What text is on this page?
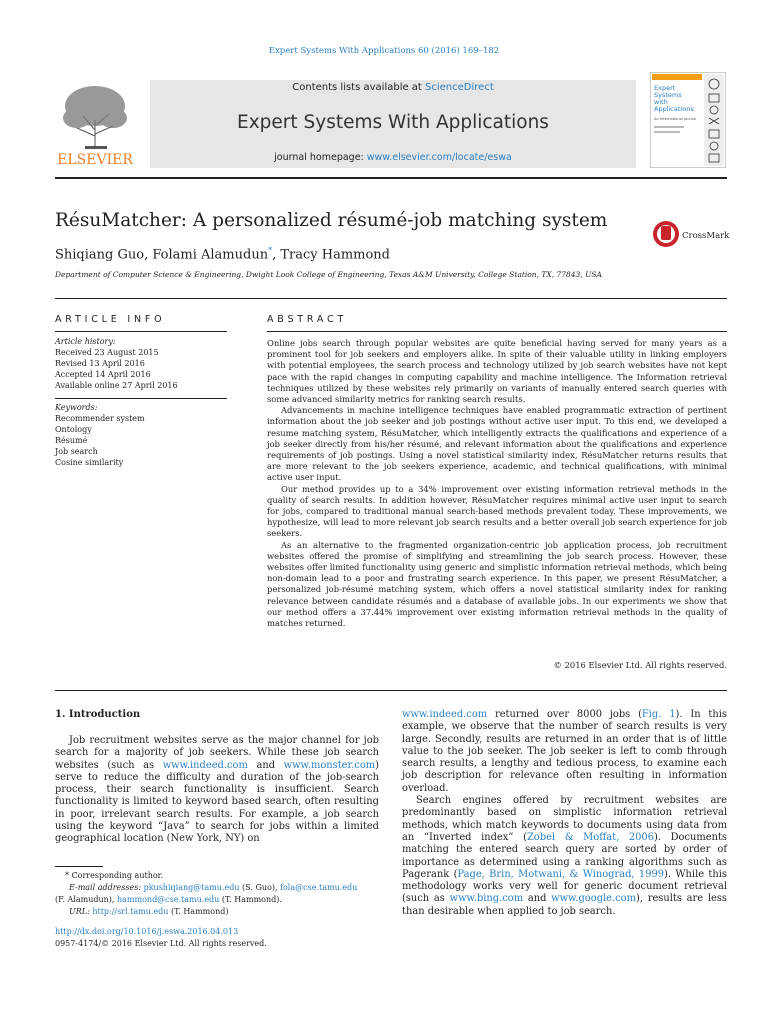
Expert Systems With Applications 60 (2016) 169–182
ELSEVIER
Contents lists available at ScienceDirect
Expert Systems With Applications
journal homepage: www.elsevier.com/locate/eswa
Expert
Systems
with
Applications
An International Journal
RésuMatcher: A personalized résumé-job matching system
CrossMark
Shiqiang Guo, Folami Alamudun*, Tracy Hammond
Department of Computer Science & Engineering, Dwight Look College of Engineering, Texas A&M University, College Station, TX, 77843, USA
ARTICLE INFO
Article history:
Received 23 August 2015
Revised 13 April 2016
Accepted 14 April 2016
Available online 27 April 2016
Keywords:
Recommender system
Ontology
Résumé
Job search
Cosine similarity
ABSTRACT

Online jobs search through popular websites are quite beneficial having served for many years as a prominent tool for job seekers and employers alike. In spite of their valuable utility in linking employers with potential employees, the search process and technology utilized by job search websites have not kept pace with the rapid changes in computing capability and machine intelligence. The Information retrieval techniques utilized by these websites rely primarily on variants of manually entered search queries with some advanced similarity metrics for ranking search results.

Advancements in machine intelligence techniques have enabled programmatic extraction of pertinent information about the job seeker and job postings without active user input. To this end, we developed a resume matching system, RésuMatcher, which intelligently extracts the qualifications and experience of a job seeker directly from his/her résumé, and relevant information about the qualifications and experience requirements of job postings. Using a novel statistical similarity index, RésuMatcher returns results that are more relevant to the job seekers experience, academic, and technical qualifications, with minimal active user input.

Our method provides up to a 34% improvement over existing information retrieval methods in the quality of search results. In addition however, RésuMatcher requires minimal active user input to search for jobs, compared to traditional manual search-based methods prevalent today. These improvements, we hypothesize, will lead to more relevant job search results and a better overall job search experience for job seekers.

As an alternative to the fragmented organization-centric job application process, job recruitment websites offered the promise of simplifying and streamlining the job search process. However, these websites offer limited functionality using generic and simplistic information retrieval methods, which being non-domain lead to a poor and frustrating search experience. In this paper, we present RésuMatcher, a personalized job-résumé matching system, which offers a novel statistical similarity index for ranking relevance between candidate résumés and a database of available jobs. In our experiments we show that our method offers a 37.44% improvement over existing information retrieval methods in the quality of matches returned.

© 2016 Elsevier Ltd. All rights reserved.
1. Introduction

Job recruitment websites serve as the major channel for job search for a majority of job seekers. While these job search websites (such as www.indeed.com and www.monster.com) serve to reduce the difficulty and duration of the job-search process, their search functionality is insufficient. Search functionality is limited to keyword based search, often resulting in poor, irrelevant search results. For example, a job search using the keyword “Java” to search for jobs within a limited geographical location (New York, NY) on

* Corresponding author.
E-mail addresses: pkushiqiang@tamu.edu (S. Guo), fola@cse.tamu.edu
(F. Alamudun), hammond@cse.tamu.edu (T. Hammond).
URL: http://srl.tamu.edu (T. Hammond)
http://dx.doi.org/10.1016/j.eswa.2016.04.013
0957-4174/© 2016 Elsevier Ltd. All rights reserved.

www.indeed.com returned over 8000 jobs (Fig. 1). In this example, we observe that the number of search results is very large. Secondly, results are returned in an order that is of little value to the job seeker. The job seeker is left to comb through search results, a lengthy and tedious process, to examine each job description for relevance often resulting in information overload.

Search engines offered by recruitment websites are predominantly based on simplistic information retrieval methods, which match keywords to documents using data from an “Inverted index” (Zobel & Moffat, 2006). Documents matching the entered search query are sorted by order of importance as determined using a ranking algorithms such as Pagerank (Page, Brin, Motwani, & Winograd, 1999). While this methodology works very well for generic document retrieval (such as www.bing.com and www.google.com), results are less than desirable when applied to job search.
